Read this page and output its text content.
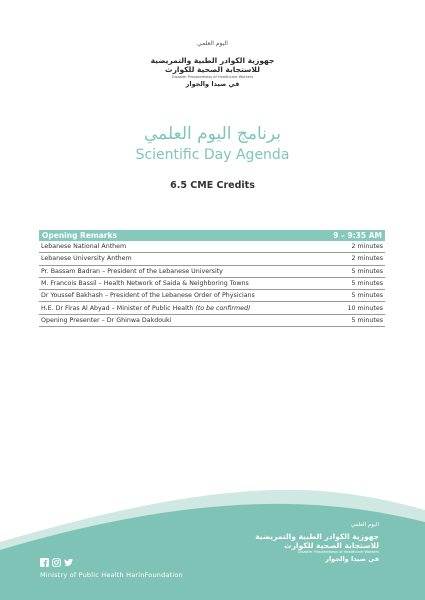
اليوم العلمي
جهوزية الكوادر الطبية والتمريضية
للاستجابة الصحية للكوارث
Disaster Preparedness of Healthcare Workers
في صيدا والجوار
برنامج اليوم العلمي
Scientific Day Agenda
6.5 CME Credits
Opening Remarks	9 – 9:35 AM
Lebanese National Anthem	2 minutes
Lebanese University Anthem	2 minutes
Pr. Bassam Badran – President of the Lebanese University	5 minutes
M. Francois Bassil – Health Network of Saida & Neighboring Towns	5 minutes
Dr Youssef Bakhash – President of the Lebanese Order of Physicians	5 minutes
H.E. Dr Firas Al Abyad – Minister of Public Health (to be confirmed)	10 minutes
Opening Presenter – Dr Ghinwa Dakdouki	5 minutes
اليوم العلمي
جهوزية الكوادر الطبية والتمريضية
للاستجابة الصحية للكوارث
Disaster Preparedness of Healthcare Workers
في صيدا والجوار
Ministry of Public Health HarinFoundation
